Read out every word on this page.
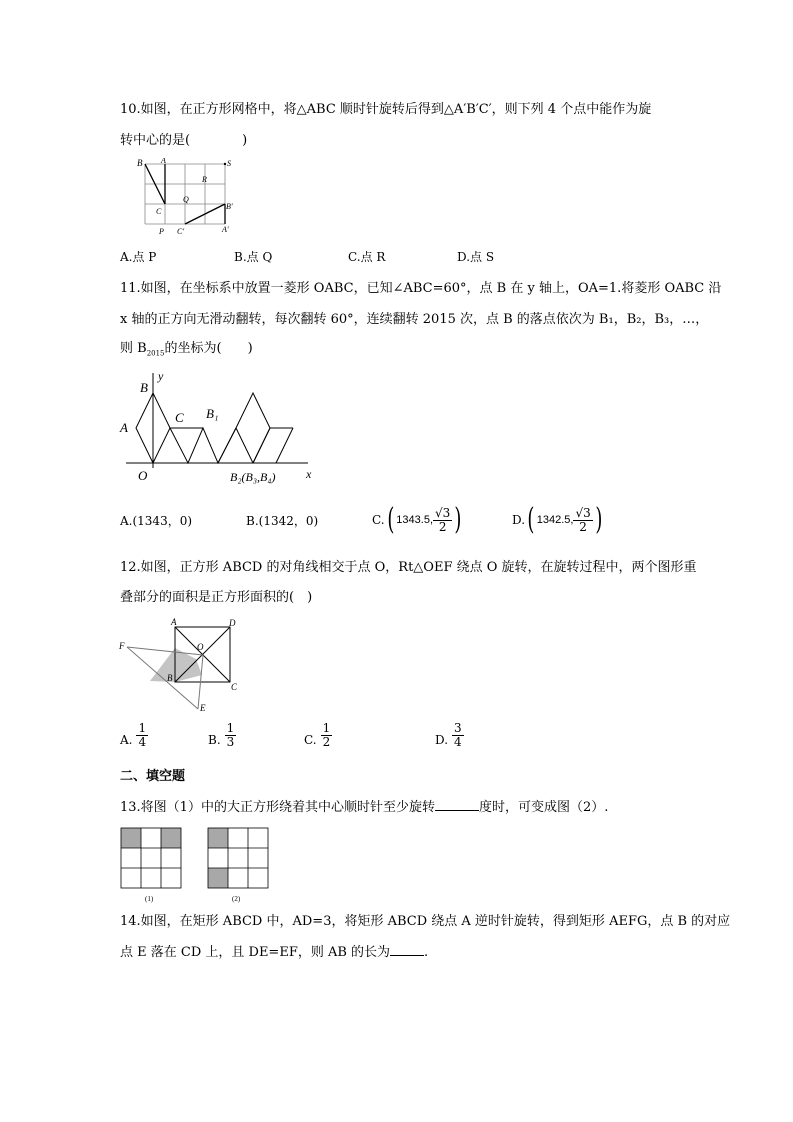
10.如图，在正方形网格中，将△ABC 顺时针旋转后得到△A′B′C′，则下列 4 个点中能作为旋
转中心的是(　　　　)
B A	S
R
Q
C
B′
C′
P	A′
A.点 P	B.点 Q	C.点 R	D.点 S
11.如图，在坐标系中放置一菱形 OABC，已知∠ABC=60°，点 B 在 y 轴上，OA=1.将菱形 OABC 沿
x 轴的正方向无滑动翻转，每次翻转 60°，连续翻转 2015 次，点 B 的落点依次为 B₁，B₂，B₃，…，
则 $B_{2015}$的坐标为(　　)
B
y
A
C B₁
O	B₂(B₃,B₄)	x
A.(1343，0)	B.(1342，0)	C. ( 1343.5, $\frac{√3}{2}$ )	D. ( 1342.5, $\frac{√3}{2}$ )
12.如图，正方形 ABCD 的对角线相交于点 O，Rt△OEF 绕点 O 旋转，在旋转过程中，两个图形重
叠部分的面积是正方形面积的(　)
A	D
F	O
B
C
E
A. $\frac{1}{4}$	B. $\frac{1}{3}$	C. $\frac{1}{2}$	D. $\frac{3}{4}$
二、填空题
13.将图（1）中的大正方形绕着其中心顺时针至少旋转	度时，可变成图（2）.
(1)	(2)
14.如图，在矩形 ABCD 中，AD=3，将矩形 ABCD 绕点 A 逆时针旋转，得到矩形 AEFG，点 B 的对应
点 E 落在 CD 上，且 DE=EF，则 AB 的长为	.
